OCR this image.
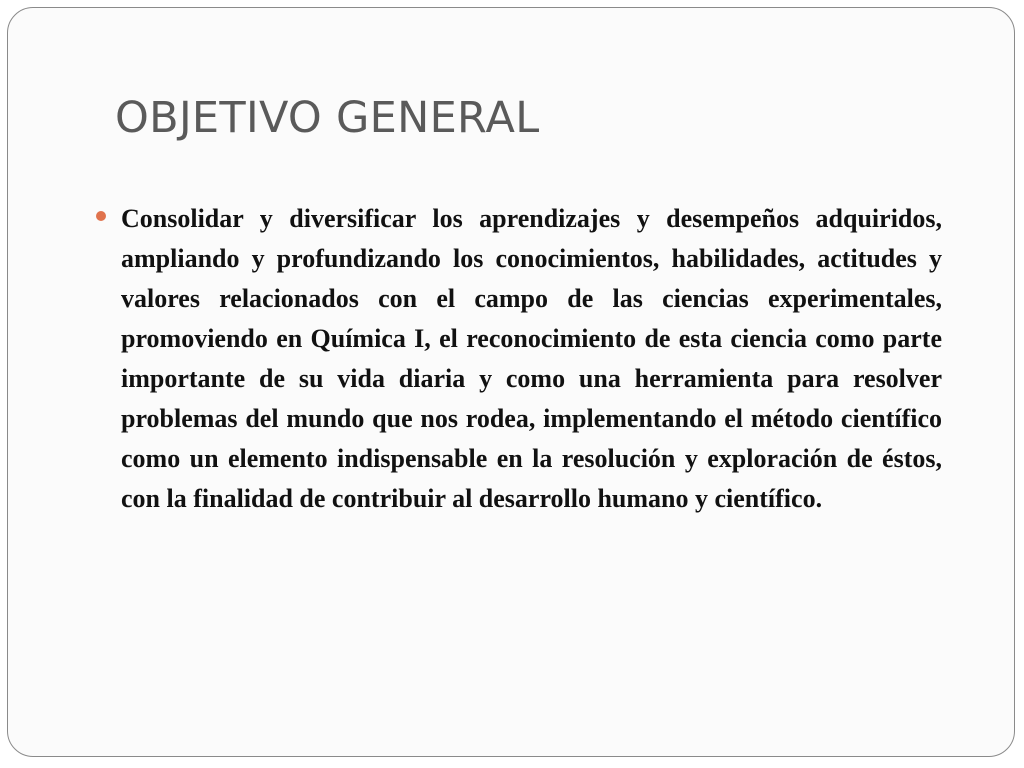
OBJETIVO GENERAL

Consolidar y diversificar los aprendizajes y desempeños adquiridos, ampliando y profundizando los conocimientos, habilidades, actitudes y valores relacionados con el campo de las ciencias experimentales, promoviendo en Química I, el reconocimiento de esta ciencia como parte importante de su vida diaria y como una herramienta para resolver problemas del mundo que nos rodea, implementando el método científico como un elemento indispensable en la resolución y exploración de éstos, con la finalidad de contribuir al desarrollo humano y científico.
